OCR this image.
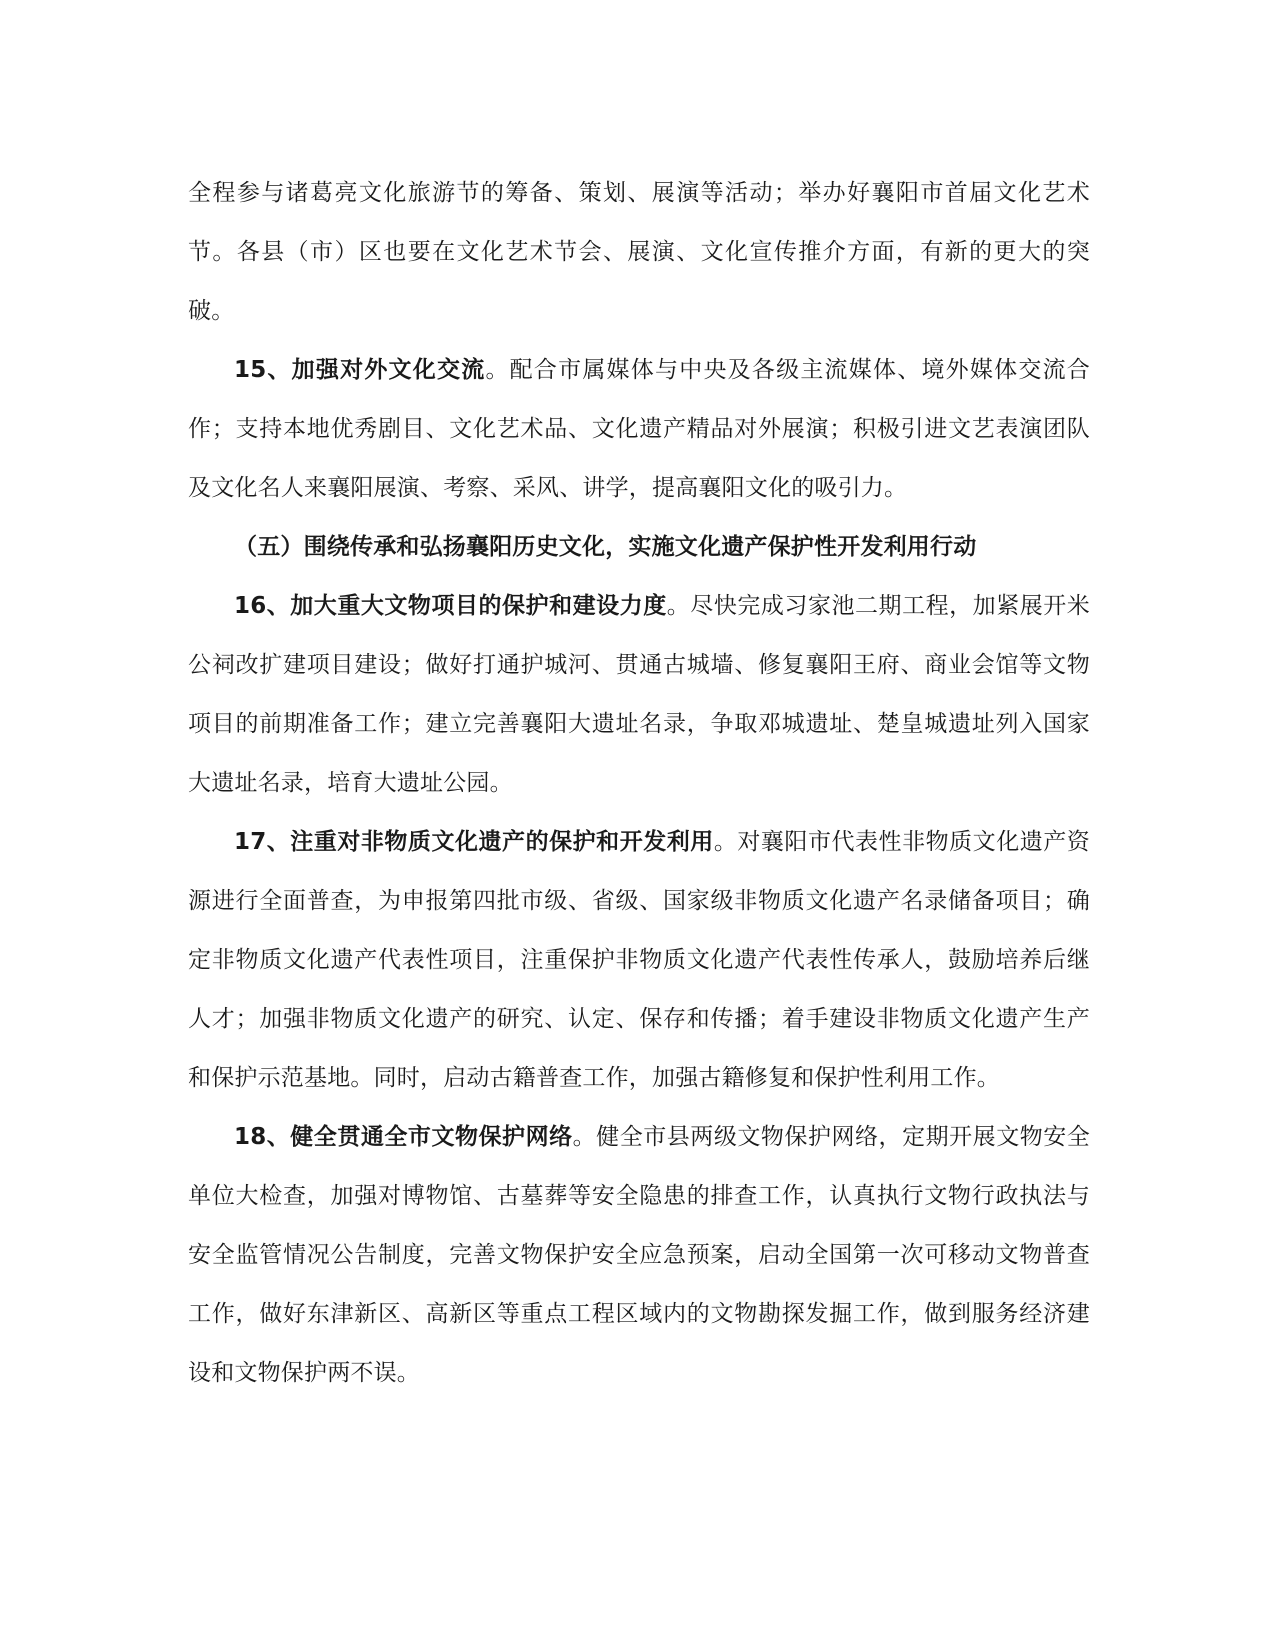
全程参与诸葛亮文化旅游节的筹备、策划、展演等活动；举办好襄阳市首届文化艺术节。各县（市）区也要在文化艺术节会、展演、文化宣传推介方面，有新的更大的突破。

15、加强对外文化交流。配合市属媒体与中央及各级主流媒体、境外媒体交流合作；支持本地优秀剧目、文化艺术品、文化遗产精品对外展演；积极引进文艺表演团队及文化名人来襄阳展演、考察、采风、讲学，提高襄阳文化的吸引力。

（五）围绕传承和弘扬襄阳历史文化，实施文化遗产保护性开发利用行动

16、加大重大文物项目的保护和建设力度。尽快完成习家池二期工程，加紧展开米公祠改扩建项目建设；做好打通护城河、贯通古城墙、修复襄阳王府、商业会馆等文物项目的前期准备工作；建立完善襄阳大遗址名录，争取邓城遗址、楚皇城遗址列入国家大遗址名录，培育大遗址公园。

17、注重对非物质文化遗产的保护和开发利用。对襄阳市代表性非物质文化遗产资源进行全面普查，为申报第四批市级、省级、国家级非物质文化遗产名录储备项目；确定非物质文化遗产代表性项目，注重保护非物质文化遗产代表性传承人，鼓励培养后继人才；加强非物质文化遗产的研究、认定、保存和传播；着手建设非物质文化遗产生产和保护示范基地。同时，启动古籍普查工作，加强古籍修复和保护性利用工作。

18、健全贯通全市文物保护网络。健全市县两级文物保护网络，定期开展文物安全单位大检查，加强对博物馆、古墓葬等安全隐患的排查工作，认真执行文物行政执法与安全监管情况公告制度，完善文物保护安全应急预案，启动全国第一次可移动文物普查工作，做好东津新区、高新区等重点工程区域内的文物勘探发掘工作，做到服务经济建设和文物保护两不误。
